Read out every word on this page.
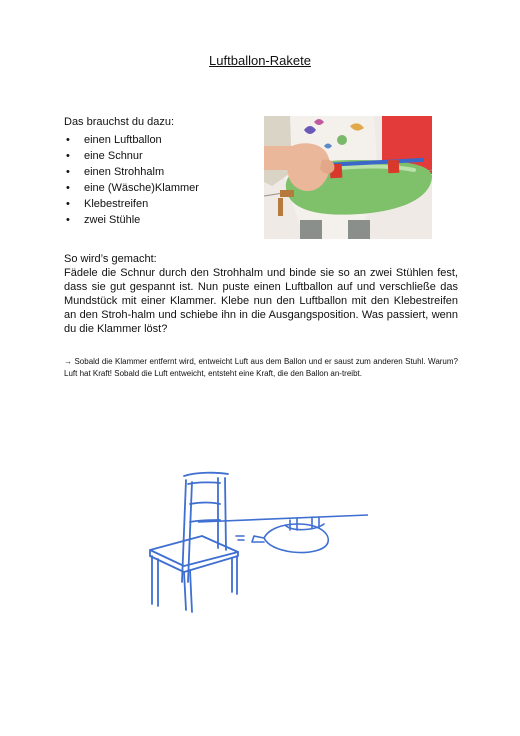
Luftballon-Rakete
Das brauchst du dazu:
• einen Luftballon
• eine Schnur
• einen Strohhalm
• eine (Wäsche)Klammer
• Klebestreifen
• zwei Stühle
So wird’s gemacht:

Fädele die Schnur durch den Strohhalm und binde sie so an zwei Stühlen fest, dass sie gut gespannt ist. Nun puste einen Luftballon auf und verschließe das Mundstück mit einer Klammer. Klebe nun den Luftballon mit den Klebestreifen an den Stroh-halm und schiebe ihn in die Ausgangsposition. Was passiert, wenn du die Klammer löst?

→ Sobald die Klammer entfernt wird, entweicht Luft aus dem Ballon und er saust zum anderen Stuhl. Warum? Luft hat Kraft! Sobald die Luft entweicht, entsteht eine Kraft, die den Ballon an-treibt.
